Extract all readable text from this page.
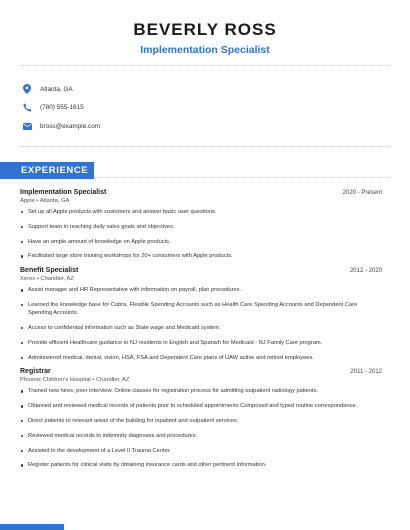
BEVERLY ROSS
Implementation Specialist
Atlanta, GA
(780) 555-1615
bross@example.com
EXPERIENCE
Implementation Specialist	2020 - Present
Apple • Atlanta, GA
Set up all Apple products with customers and answer basic user questions.
Support team in reaching daily sales goals and objectives.
Have an ample amount of knowledge on Apple products.
Facilitated large store training workshops for 20+ consumers with Apple products.
Benefit Specialist	2012 - 2020
Xerox • Chandler, AZ
Assist manager and HR Representative with information on payroll, plan procedures.
Learned the knowledge base for Cobra, Flexible Spending Accounts such as Health Care Spending Accounts and Dependent Care Spending Accounts.
Access to confidential information such as State wage and Medicaid system.
Provide efficient Healthcare guidance to NJ residents in English and Spanish for Medicaid - NJ Family Care program.
Administered medical, dental, vision, HSA, FSA and Dependent Care plans of UAW active and retired employees.
Registrar	2011 - 2012
Phoenix Children's Hospital • Chandler, AZ
Trained new hires, peer interview. Online classes for registration process for admitting outpatient radiology patients.
Obtained and reviewed medical records of patients prior to scheduled appointments Composed and typed routine correspondence.
Direct patients to relevant areas of the building for inpatient and outpatient services.
Reviewed medical records to indemnity diagnoses and procedures.
Assisted in the development of a Level II Trauma Center
Register patients for clinical visits by obtaining insurance cards and other pertinent information.
